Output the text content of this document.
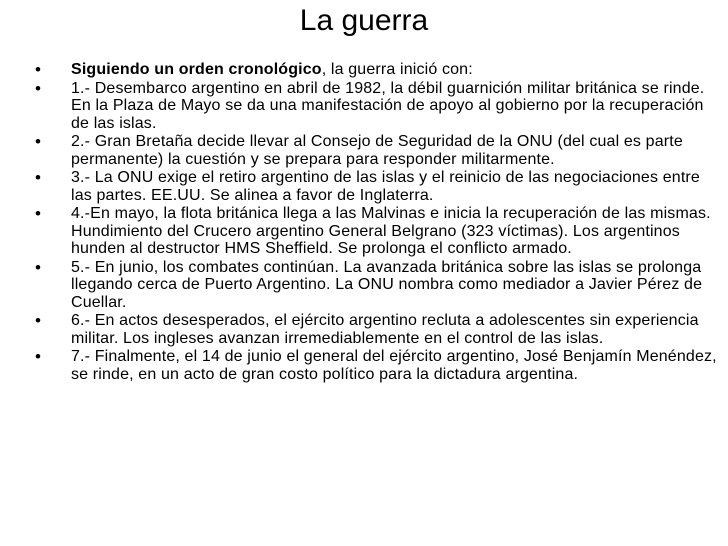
La guerra
• Siguiendo un orden cronológico, la guerra inició con:
• 1.- Desembarco argentino en abril de 1982, la débil guarnición militar británica se rinde. En la Plaza de Mayo se da una manifestación de apoyo al gobierno por la recuperación de las islas.
• 2.- Gran Bretaña decide llevar al Consejo de Seguridad de la ONU (del cual es parte permanente) la cuestión y se prepara para responder militarmente.
• 3.- La ONU exige el retiro argentino de las islas y el reinicio de las negociaciones entre las partes. EE.UU. Se alinea a favor de Inglaterra.
• 4.-En mayo, la flota británica llega a las Malvinas e inicia la recuperación de las mismas. Hundimiento del Crucero argentino General Belgrano (323 víctimas). Los argentinos hunden al destructor HMS Sheffield. Se prolonga el conflicto armado.
• 5.- En junio, los combates continúan. La avanzada británica sobre las islas se prolonga llegando cerca de Puerto Argentino. La ONU nombra como mediador a Javier Pérez de Cuellar.
• 6.- En actos desesperados, el ejército argentino recluta a adolescentes sin experiencia militar. Los ingleses avanzan irremediablemente en el control de las islas.
• 7.- Finalmente, el 14 de junio el general del ejército argentino, José Benjamín Menéndez, se rinde, en un acto de gran costo político para la dictadura argentina.
